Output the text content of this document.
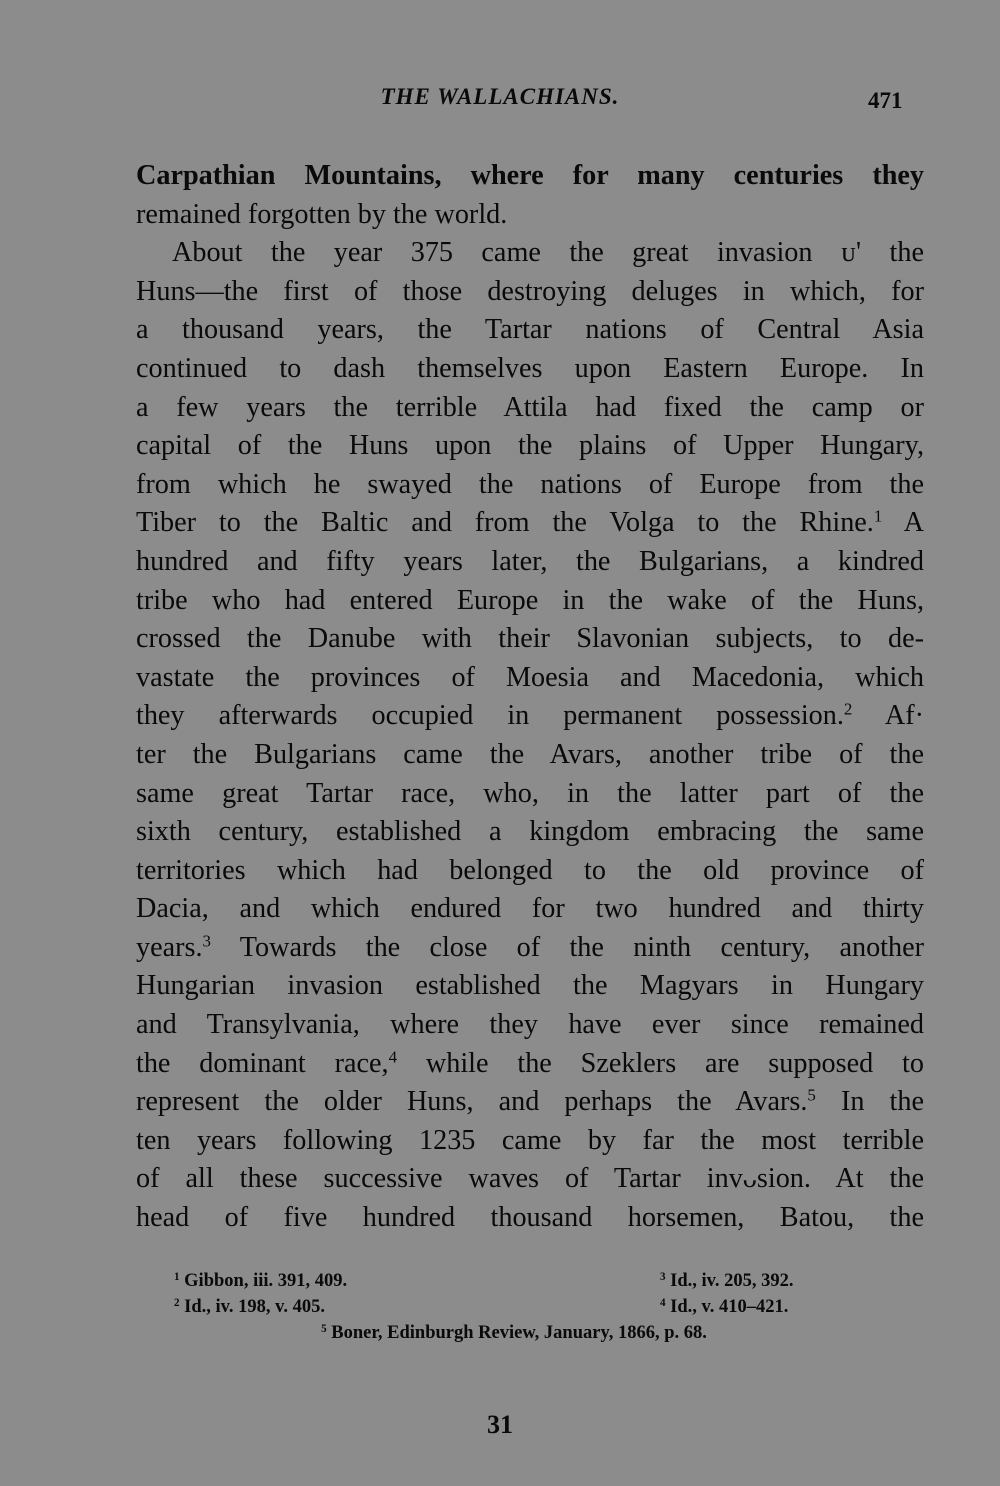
THE WALLACHIANS.	471
Carpathian Mountains, where for many centuries they
remained forgotten by the world.
About the year 375 came the great invasion ᴜ' the
Huns—the first of those destroying deluges in which, for
a thousand years, the Tartar nations of Central Asia
continued to dash themselves upon Eastern Europe. In
a few years the terrible Attila had fixed the camp or
capital of the Huns upon the plains of Upper Hungary,
from which he swayed the nations of Europe from the
Tiber to the Baltic and from the Volga to the Rhine.$^1$ A
hundred and fifty years later, the Bulgarians, a kindred
tribe who had entered Europe in the wake of the Huns,
crossed the Danube with their Slavonian subjects, to de-
vastate the provinces of Moesia and Macedonia, which
they afterwards occupied in permanent possession.$^2$ Af·
ter the Bulgarians came the Avars, another tribe of the
same great Tartar race, who, in the latter part of the
sixth century, established a kingdom embracing the same
territories which had belonged to the old province of
Dacia, and which endured for two hundred and thirty
years.$^3$ Towards the close of the ninth century, another
Hungarian invasion established the Magyars in Hungary
and Transylvania, where they have ever since remained
the dominant race,$^4$ while the Szeklers are supposed to
represent the older Huns, and perhaps the Avars.$^5$ In the
ten years following 1235 came by far the most terrible
of all these successive waves of Tartar invᴗsion. At the
head of five hundred thousand horsemen, Batou, the
$^1$ Gibbon, iii. 391, 409.	$^3$ Id., iv. 205, 392.
$^2$ Id., iv. 198, v. 405.	$^4$ Id., v. 410–421.
$^5$ Boner, Edinburgh Review, January, 1866, p. 68.
31
